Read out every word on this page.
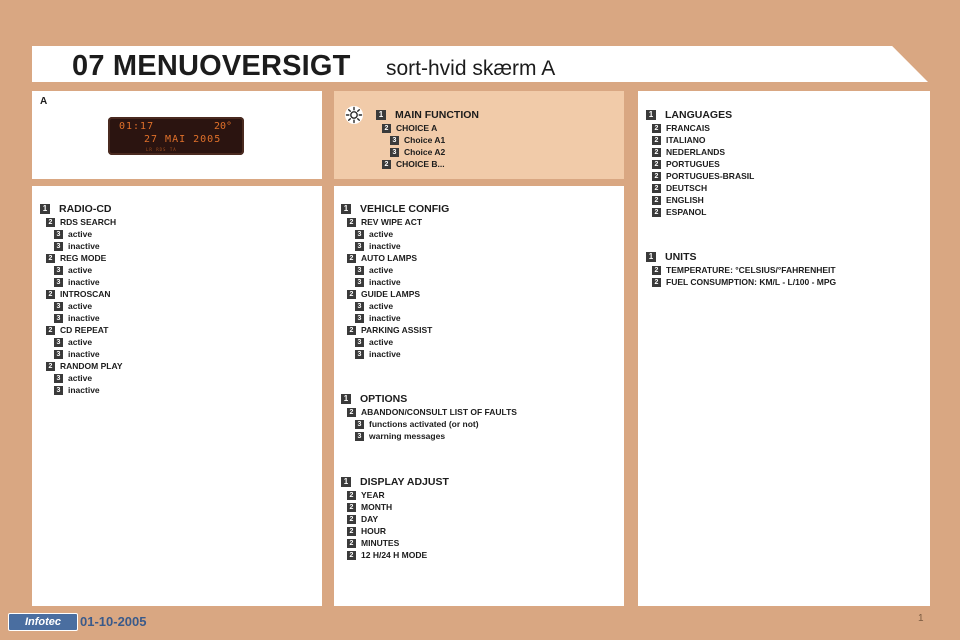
07 MENUOVERSIGT sort-hvid skærm A
A
01:17	20°
27 MAI 2005
LR RDS TA
1 MAIN FUNCTION
2 CHOICE A
3 Choice A1
3 Choice A2
2 CHOICE B...
1 LANGUAGES
2 FRANCAIS
2 ITALIANO
2 NEDERLANDS
2 PORTUGUES
2 PORTUGUES-BRASIL
2 DEUTSCH
2 ENGLISH
2 ESPANOL
1 UNITS
2 TEMPERATURE: °CELSIUS/°FAHRENHEIT
2 FUEL CONSUMPTION: KM/L - L/100 - MPG
1 RADIO-CD
2 RDS SEARCH
3 active
3 inactive
2 REG MODE
3 active
3 inactive
2 INTROSCAN
3 active
3 inactive
2 CD REPEAT
3 active
3 inactive
2 RANDOM PLAY
3 active
3 inactive
1 VEHICLE CONFIG
2 REV WIPE ACT
3 active
3 inactive
2 AUTO LAMPS
3 active
3 inactive
2 GUIDE LAMPS
3 active
3 inactive
2 PARKING ASSIST
3 active
3 inactive
1 OPTIONS
2 ABANDON/CONSULT LIST OF FAULTS
3 functions activated (or not)
3 warning messages
1 DISPLAY ADJUST
2 YEAR
2 MONTH
2 DAY
2 HOUR
2 MINUTES
2 12 H/24 H MODE
Infotec	01-10-2005	1
